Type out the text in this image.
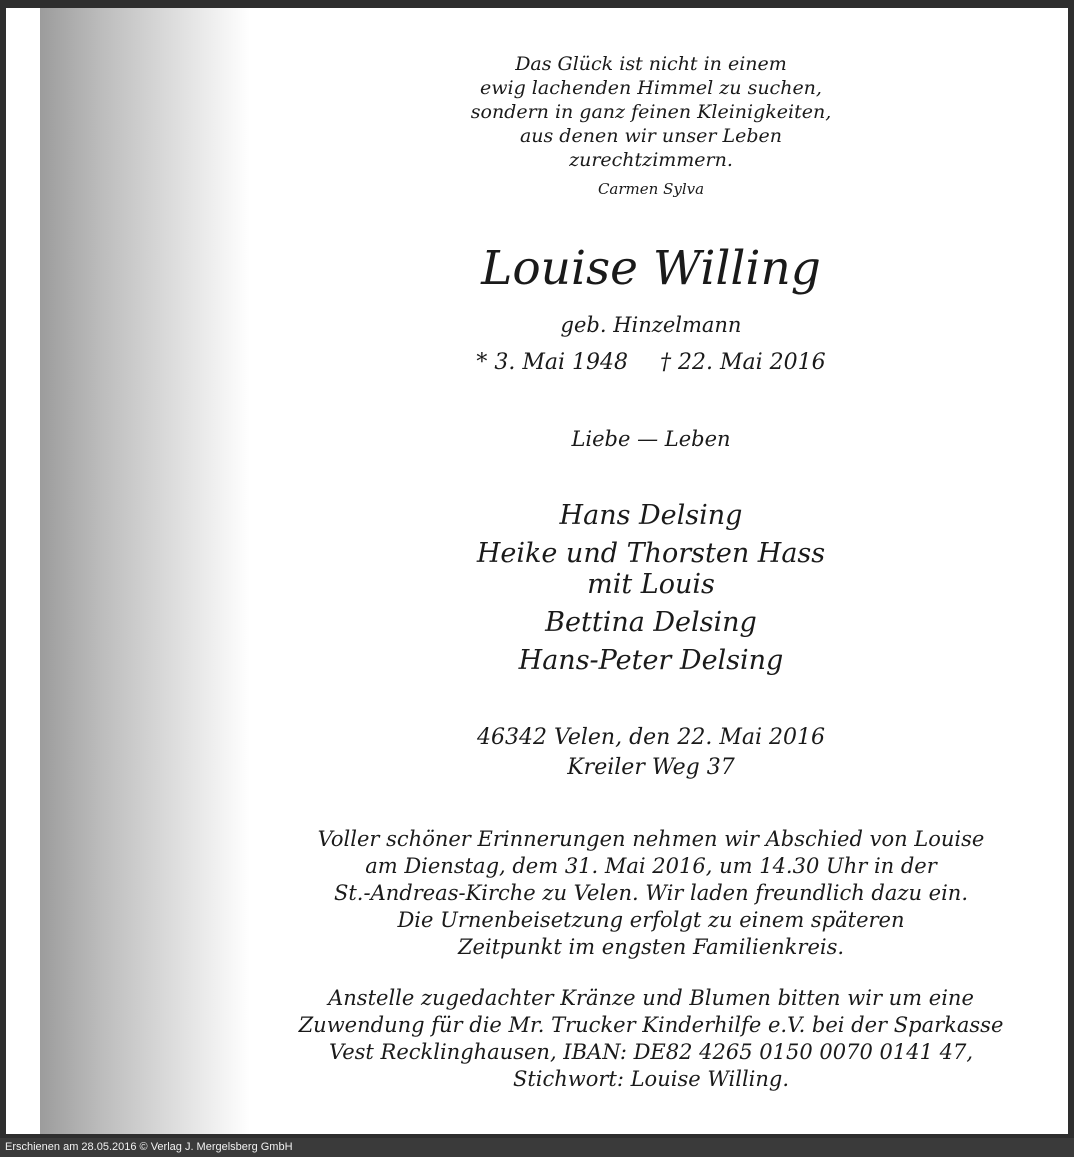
Das Glück ist nicht in einem

ewig lachenden Himmel zu suchen,

sondern in ganz feinen Kleinigkeiten,

aus denen wir unser Leben

zurechtzimmern.

Carmen Sylva

Louise Willing

geb. Hinzelmann

* 3. Mai 1948 † 22. Mai 2016

Liebe — Leben

Hans Delsing

Heike und Thorsten Hass

mit Louis

Bettina Delsing

Hans-Peter Delsing

46342 Velen, den 22. Mai 2016

Kreiler Weg 37

Voller schöner Erinnerungen nehmen wir Abschied von Louise

am Dienstag, dem 31. Mai 2016, um 14.30 Uhr in der

St.-Andreas-Kirche zu Velen. Wir laden freundlich dazu ein.

Die Urnenbeisetzung erfolgt zu einem späteren

Zeitpunkt im engsten Familienkreis.

Anstelle zugedachter Kränze und Blumen bitten wir um eine

Zuwendung für die Mr. Trucker Kinderhilfe e.V. bei der Sparkasse

Vest Recklinghausen, IBAN: DE82 4265 0150 0070 0141 47,

Stichwort: Louise Willing.

Erschienen am 28.05.2016 © Verlag J. Mergelsberg GmbH
